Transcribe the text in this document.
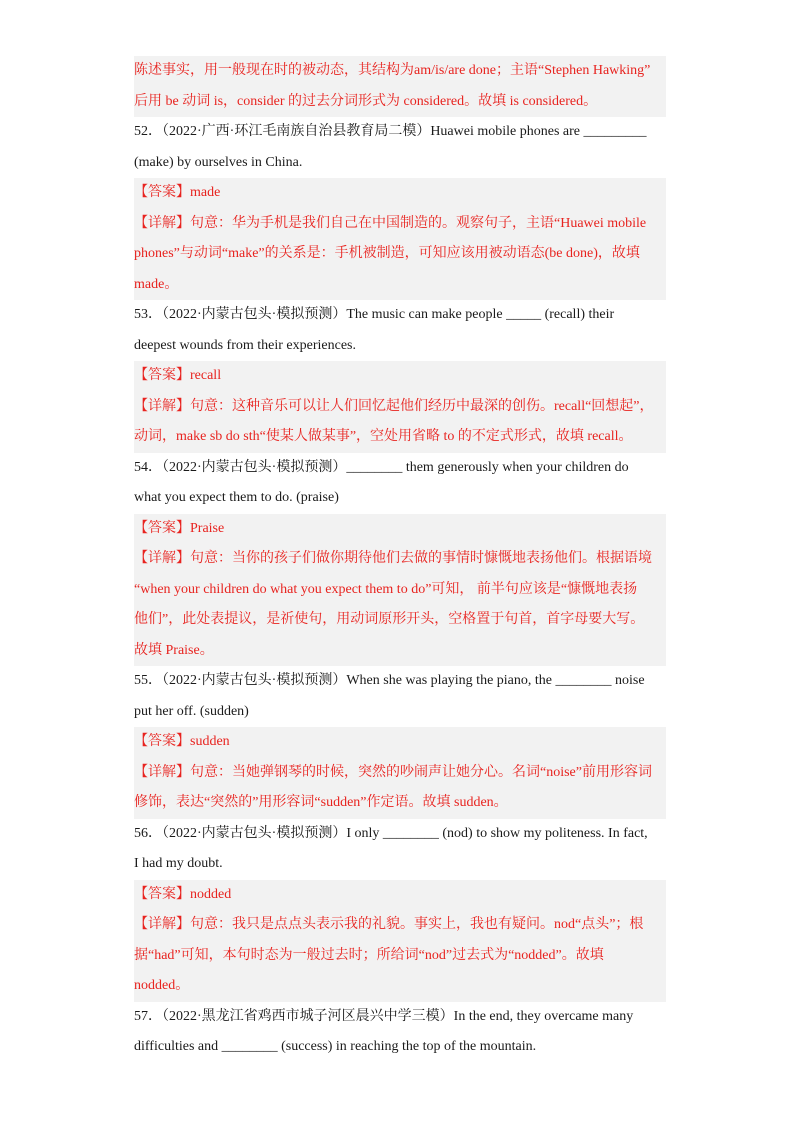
陈述事实，用一般现在时的被动态，其结构为am/is/are done；主语“Stephen Hawking”
后用 be 动词 is，consider 的过去分词形式为 considered。故填 is considered。
52．（2022·广西·环江毛南族自治县教育局二模）Huawei mobile phones are _________
(make) by ourselves in China.
【答案】made
【详解】句意：华为手机是我们自己在中国制造的。观察句子，主语“Huawei mobile
phones”与动词“make”的关系是：手机被制造，可知应该用被动语态(be done)，故填
made。
53．（2022·内蒙古包头·模拟预测）The music can make people _____ (recall) their
deepest wounds from their experiences.
【答案】recall
【详解】句意：这种音乐可以让人们回忆起他们经历中最深的创伤。recall“回想起”，
动词，make sb do sth“使某人做某事”，空处用省略 to 的不定式形式，故填 recall。
54．（2022·内蒙古包头·模拟预测）________ them generously when your children do
what you expect them to do. (praise)
【答案】Praise
【详解】句意：当你的孩子们做你期待他们去做的事情时慷慨地表扬他们。根据语境
“when your children do what you expect them to do”可知， 前半句应该是“慷慨地表扬
他们”，此处表提议，是祈使句，用动词原形开头，空格置于句首，首字母要大写。
故填 Praise。
55．（2022·内蒙古包头·模拟预测）When she was playing the piano, the ________ noise
put her off. (sudden)
【答案】sudden
【详解】句意：当她弹钢琴的时候，突然的吵闹声让她分心。名词“noise”前用形容词
修饰，表达“突然的”用形容词“sudden”作定语。故填 sudden。
56．（2022·内蒙古包头·模拟预测）I only ________ (nod) to show my politeness. In fact,
I had my doubt.
【答案】nodded
【详解】句意：我只是点点头表示我的礼貌。事实上，我也有疑问。nod“点头”；根
据“had”可知，本句时态为一般过去时；所给词“nod”过去式为“nodded”。故填
nodded。
57．（2022·黑龙江省鸡西市城子河区晨兴中学三模）In the end, they overcame many
difficulties and ________ (success) in reaching the top of the mountain.
